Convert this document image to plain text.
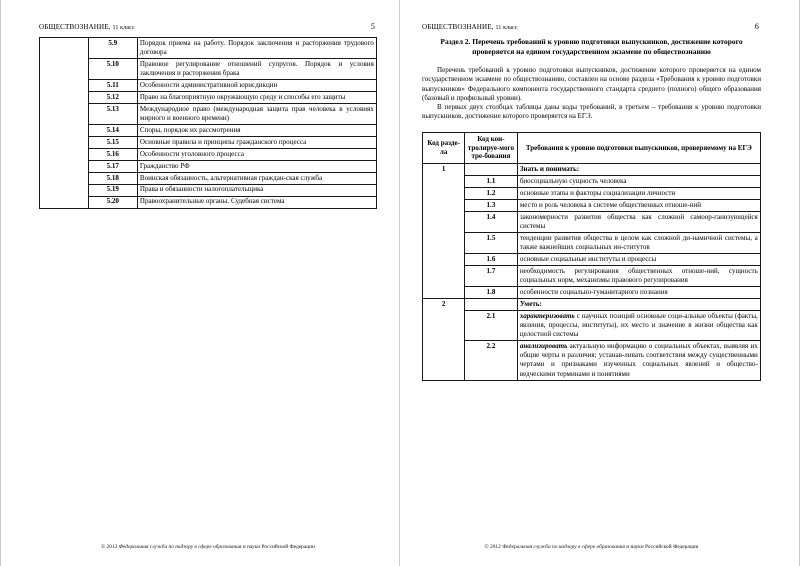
ОБЩЕСТВОЗНАНИЕ, 11 класс	5
	5.9	Порядок приема на работу. Порядок заключения и расторжения трудового договора
	5.10	Правовое регулирование отношений супругов. Порядок и условия заключения и расторжения брака
	5.11	Особенности административной юрисдикции
	5.12	Право на благоприятную окружающую среду и способы его защиты
	5.13	Международное право (международная защита прав человека в условиях мирного и военного времени)
	5.14	Споры, порядок их рассмотрения
	5.15	Основные правила и принципы гражданского процесса
	5.16	Особенности уголовного процесса
	5.17	Гражданство РФ
	5.18	Воинская обязанность, альтернативная граждан-ская служба
	5.19	Права и обязанности налогоплательщика
	5.20	Правоохранительные органы. Судебная система
© 2012 Федеральная служба по надзору в сфере образования и науки Российской Федерации
ОБЩЕСТВОЗНАНИЕ, 11 класс	6
Раздел 2. Перечень требований к уровню подготовки выпускников, достижение которого проверяется на едином государственном экзамене по обществознанию

Перечень требований к уровню подготовки выпускников, достижение которого проверяется на едином государственном экзамене по обществознанию, составлен на основе раздела «Требования к уровню подготовки выпускников» Федерального компонента государственного стандарта среднего (полного) общего образования (базовый и профильный уровни).

В первых двух столбцах таблицы даны коды требований, в третьем – требования к уровню подготовки выпускников, достижение которого проверяется на ЕГЭ.

Код разде-ла	Код кон-тролируе-мого тре-бования	Требования к уровню подготовки выпускников, проверяемому на ЕГЭ
1		Знать и понимать:
	1.1	биосоциальную сущность человека
	1.2	основные этапы и факторы социализации личности
	1.3	место и роль человека в системе общественных отноше-ний
	1.4	закономерности развития общества как сложной самоор-ганизующейся системы
	1.5	тенденции развития общества в целом как сложной ди-намичной системы, а также важнейших социальных ин-ститутов
	1.6	основные социальные институты и процессы
	1.7	необходимость регулирования общественных отноше-ний, сущность социальных норм, механизмы правового регулирования
	1.8	особенности социально-гуманитарного познания
2		Уметь:
	2.1	характеризовать с научных позиций основные соци-альные объекты (факты, явления, процессы, институты), их место и значение в жизни общества как целостной системы
	2.2	анализировать актуальную информацию о социальных объектах, выявляя их общие черты и различия; устанав-ливать соответствия между существенными чертами и признаками изученных социальных явлений и общество-ведческими терминами и понятиями
© 2012 Федеральная служба по надзору в сфере образования и науки Российской Федерации
